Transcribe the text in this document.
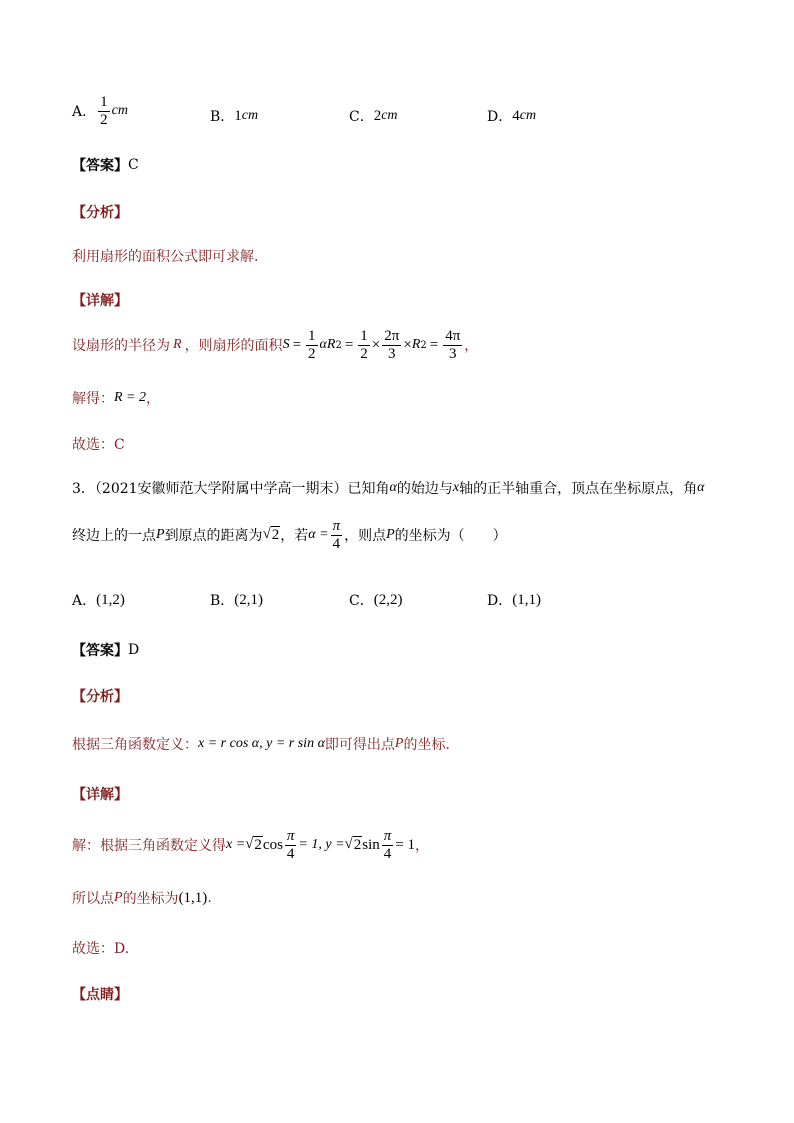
A． $\frac{1}{2}$ cm	B． 1 cm	C． 2 cm	D． 4 cm
【答案】 C
【分析】
利用扇形的面积公式即可求解.
【详解】
设扇形的半径为 R ，则扇形的面积 $S = \frac{1}{2}$ α R $2 = \frac{1}{2} \times \frac{2\pi}{3} \times R$ $2 = \frac{4\pi}{3}$ ，
解得： R = 2 ，
故选：C
3．（2021安徽师范大学附属中学高一期末）已知角 α 的始边与 x 轴的正半轴重合，顶点在坐标原点，角 α
终边上的一点 P 到原点的距离为 √ 2 ，若 $\alpha = \frac{\pi}{4}$ ，则点 P 的坐标为（　　）
A． (1,2)	B． (2,1)	C． (2,2)	D． (1,1)
【答案】 D
【分析】
根据三角函数定义： x = r cos α, y = r sin α 即可得出点 P 的坐标.
【详解】
解：根据三角函数定义得 x = √ 2 $\cos \frac{\pi}{4} = 1$, y = √ 2 $\sin \frac{\pi}{4} = 1$ ，
所以点 P 的坐标为 (1,1) .
故选：D.
【点睛】
